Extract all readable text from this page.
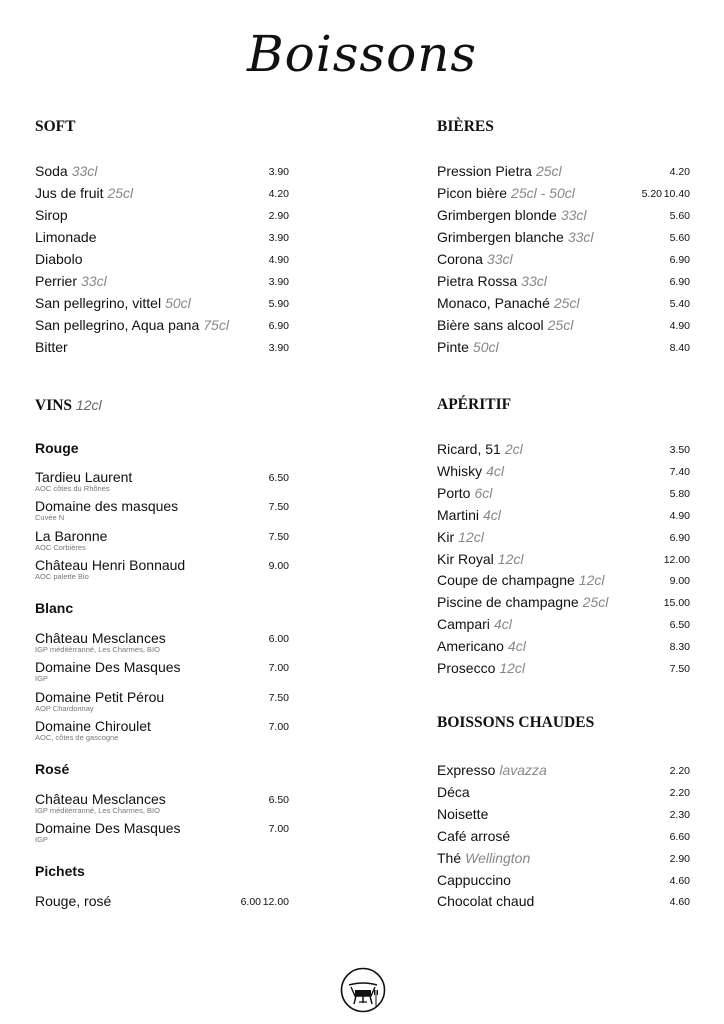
Boissons
SOFT
Soda 33cl	3.90
Jus de fruit 25cl	4.20
Sirop	2.90
Limonade	3.90
Diabolo	4.90
Perrier 33cl	3.90
San pellegrino, vittel 50cl	5.90
San pellegrino, Aqua pana 75cl	6.90
Bitter	3.90
VINS 12cl
Rouge
Tardieu Laurent	6.50
AOC côtes du Rhônes
Domaine des masques	7.50
Cuvée N
La Baronne	7.50
AOC Corbières
Château Henri Bonnaud	9.00
AOC palette Bio
Blanc
Château Mesclances	6.00
IGP méditérranné, Les Charmes, BIO
Domaine Des Masques	7.00
IGP
Domaine Petit Pérou	7.50
AOP Chardonnay
Domaine Chiroulet	7.00
AOC, côtes de gascogne
Rosé
Château Mesclances	6.50
IGP méditérranné, Les Charmes, BIO
Domaine Des Masques	7.00
IGP
Pichets
Rouge, rosé	6.00 12.00
BIÈRES
Pression Pietra 25cl	4.20
Picon bière 25cl - 50cl	5.20 10.40
Grimbergen blonde 33cl	5.60
Grimbergen blanche 33cl	5.60
Corona 33cl	6.90
Pietra Rossa 33cl	6.90
Monaco, Panaché 25cl	5.40
Bière sans alcool 25cl	4.90
Pinte 50cl	8.40
APÉRITIF
Ricard, 51 2cl	3.50
Whisky 4cl	7.40
Porto 6cl	5.80
Martini 4cl	4.90
Kir 12cl	6.90
Kir Royal 12cl	12.00
Coupe de champagne 12cl	9.00
Piscine de champagne 25cl	15.00
Campari 4cl	6.50
Americano 4cl	8.30
Prosecco 12cl	7.50
BOISSONS CHAUDES
Expresso lavazza	2.20
Déca	2.20
Noisette	2.30
Café arrosé	6.60
Thé Wellington	2.90
Cappuccino	4.60
Chocolat chaud	4.60
